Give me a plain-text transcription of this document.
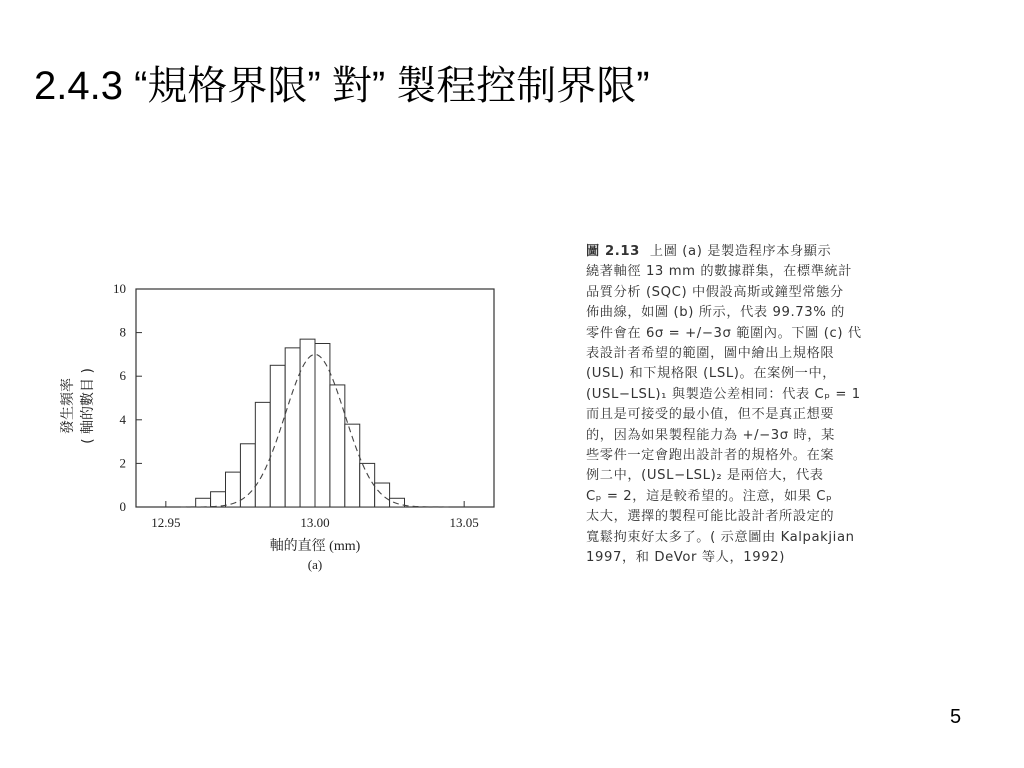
2.4.3 “規格界限” 對” 製程控制界限”
0
2
4
6
8
10
12.95	13.00	13.05
發生頻率 ( 軸的數目 )
軸的直徑 (mm)
(a)
圖 2.13 上圖 (a) 是製造程序本身顯示
繞著軸徑 13 mm 的數據群集，在標準統計
品質分析 (SQC) 中假設高斯或鐘型常態分
佈曲線，如圖 (b) 所示，代表 99.73% 的
零件會在 6σ = +/−3σ 範圍內。下圖 (c) 代
表設計者希望的範圍，圖中繪出上規格限
(USL) 和下規格限 (LSL)。在案例一中，
(USL−LSL)₁ 與製造公差相同：代表 Cₚ = 1
而且是可接受的最小值，但不是真正想要
的，因為如果製程能力為 +/−3σ 時，某
些零件一定會跑出設計者的規格外。在案
例二中，(USL−LSL)₂ 是兩倍大，代表
Cₚ = 2，這是較希望的。注意，如果 Cₚ
太大，選擇的製程可能比設計者所設定的
寬鬆拘束好太多了。( 示意圖由 Kalpakjian
1997，和 DeVor 等人，1992)
5
